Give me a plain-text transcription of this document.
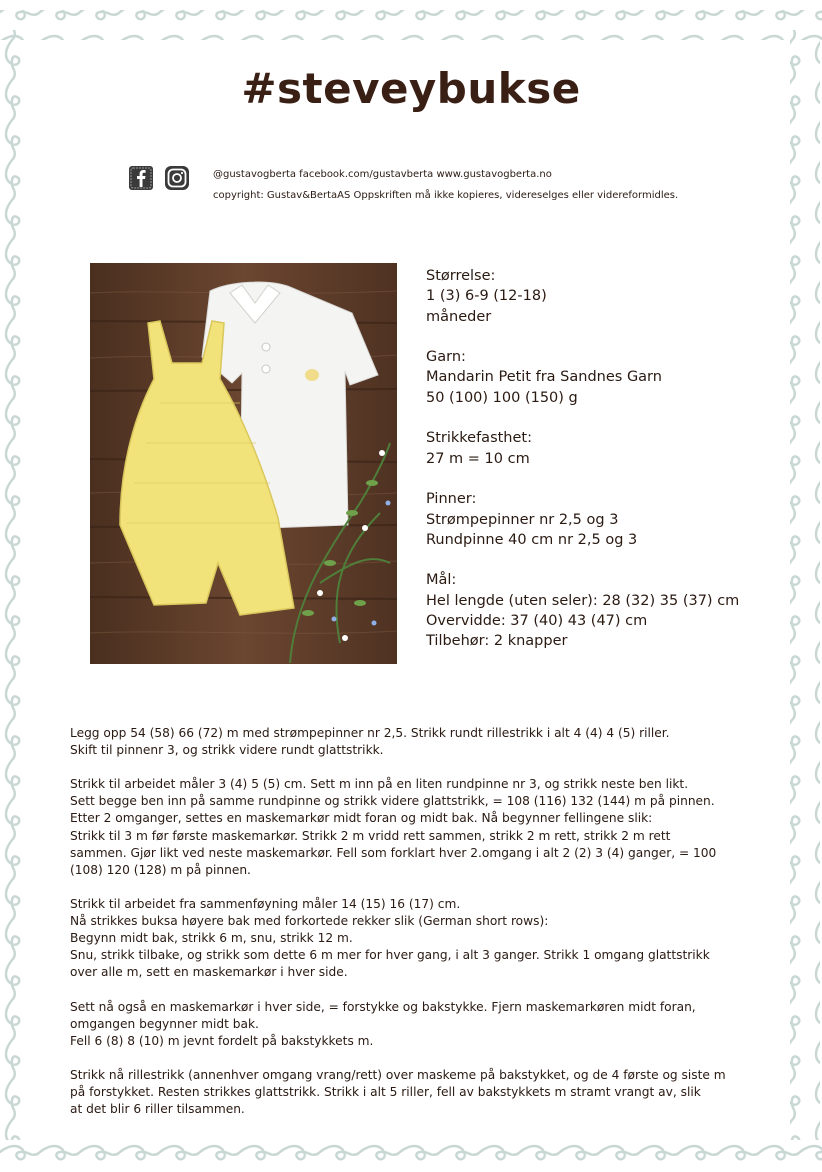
#steveybukse
@gustavogberta facebook.com/gustavberta www.gustavogberta.no
copyright: Gustav&BertaAS Oppskriften må ikke kopieres, videreselges eller videreformidles.
Størrelse:
1 (3) 6-9 (12-18)
måneder
Garn:
Mandarin Petit fra Sandnes Garn
50 (100) 100 (150) g
Strikkefasthet:
27 m = 10 cm
Pinner:
Strømpepinner nr 2,5 og 3
Rundpinne 40 cm nr 2,5 og 3
Mål:
Hel lengde (uten seler): 28 (32) 35 (37) cm
Overvidde: 37 (40) 43 (47) cm
Tilbehør: 2 knapper

Legg opp 54 (58) 66 (72) m med strømpepinner nr 2,5. Strikk rundt rillestrikk i alt 4 (4) 4 (5) riller.
Skift til pinnenr 3, og strikk videre rundt glattstrikk.

Strikk til arbeidet måler 3 (4) 5 (5) cm. Sett m inn på en liten rundpinne nr 3, og strikk neste ben likt.
Sett begge ben inn på samme rundpinne og strikk videre glattstrikk, = 108 (116) 132 (144) m på pinnen.
Etter 2 omganger, settes en maskemarkør midt foran og midt bak. Nå begynner fellingene slik:
Strikk til 3 m før første maskemarkør. Strikk 2 m vridd rett sammen, strikk 2 m rett, strikk 2 m rett
sammen. Gjør likt ved neste maskemarkør. Fell som forklart hver 2.omgang i alt 2 (2) 3 (4) ganger, = 100
(108) 120 (128) m på pinnen.

Strikk til arbeidet fra sammenføyning måler 14 (15) 16 (17) cm.
Nå strikkes buksa høyere bak med forkortede rekker slik (German short rows):
Begynn midt bak, strikk 6 m, snu, strikk 12 m.
Snu, strikk tilbake, og strikk som dette 6 m mer for hver gang, i alt 3 ganger. Strikk 1 omgang glattstrikk
over alle m, sett en maskemarkør i hver side.

Sett nå også en maskemarkør i hver side, = forstykke og bakstykke. Fjern maskemarkøren midt foran,
omgangen begynner midt bak.
Fell 6 (8) 8 (10) m jevnt fordelt på bakstykkets m.

Strikk nå rillestrikk (annenhver omgang vrang/rett) over maskeme på bakstykket, og de 4 første og siste m
på forstykket. Resten strikkes glattstrikk. Strikk i alt 5 riller, fell av bakstykkets m stramt vrangt av, slik
at det blir 6 riller tilsammen.
